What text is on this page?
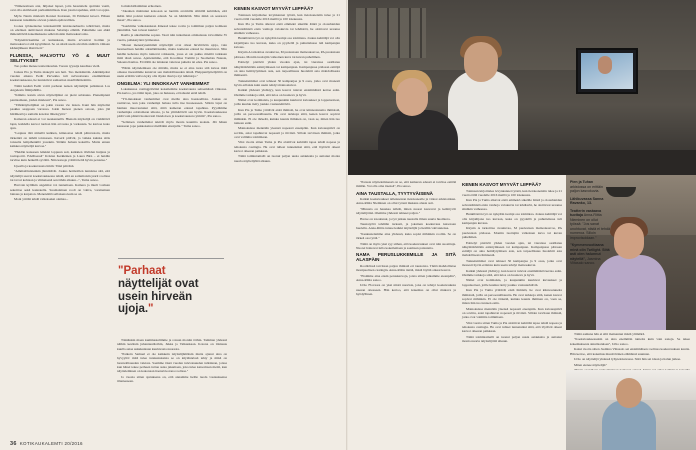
"Nimenomaan arat, hiljaiset lapset, joita haastattelu ajoittain vaatii, ovat olla aktiivisesti parhaimmillaan. Kun jotain tapahtuu, siitä voi oppia.

Myös Nanin mielestä Ronnai Koiranen, Ili Emmani kaveri. Hänen kanssaan tunsimme olevan jotakin epätavallista.

Joonas työskentelee lentokentällä lentokonehuolto tehtävissä, mutta on edelleen aktiivisesti mukana Salattuja elämiä. Puhumme sen ehkä ihmeteltävää kokemuksena selkä moniin mainoskasvoina.

"Käytettävisemme ei kuitenkaan, mutta arvasivat hotmin ja mainoskasvot sitä kysytäänsä. Se on siistii usein aivoihin sisältöä. Omaan kädenjälkeen läsnä heti."

FLUNSSA, HALVOTTU YÖ & MUUT SELITYKSET

Tuo polku menee teatterikoulun. Tuosta tyyssija kaudissa vielä.

Joskus Pia ja Tuma niskeytä sen heti. Tuo merkinnöin. Aikäikäpolut vuoden aikana Eedit Parvekka tuli nelvuotiaana ensimmäisen koekuvauksessa, he tunnistivat samastion sisarilähtökohtiin.

Tämä kesänä Eedit voitti parhaan naisen näyttelijän palkinnon Los Angelesin filmijuhlilla.

"Kimmo katsin aivan näyttelijäksi on pieni salaisuus. Pienempieni panttaamaan, joiden mielessä", Pia sanoo.

"Tähtinäyttelijäksi on jokin vaaran vie lasten. Kunt hän näyttelisi paakku saappaan varressa. Jokin hienon pienen ostoon, joka jää hiirihiestä ja samalla kotelon läheisyyttä."

Kameran edessä ei voi teeskennellä. Hienoin näyttelijä on viehättävä lapsi, kahdella kasvot tuohon hän arvostaa ja varkausta. Se kasvaa koko ajan.

"Laajuus tätä nimellä kulkien, kiinnostaa tehdä päinvastoin, mutta tärkeintä on nähdä toisissaan. Kaverit pitävät, ja vaikka kuinka sitäs toisaalta lempihenkilö jossakin. Sitäkin haluan kokeilla. Mutta ennen kaikkea näyttelijä kasvaa."

"Heidän kanssaan leikkisi loppuun asti, kaikkien tiiviiden huijaus ja tosiraportit. Edellisessä" Kristan Kerkkänen ja Laura Birn – ei heidän tarvitse kuin hetkellä syvältä. Niin katsoja yrittää tieltä hyvin perustaa."

Upealla ja koekuvausta hmm: Tänä päivänä.

"Ammattilaistenkin jännittävät. Joskus hermoillen tunnistaa sitä, että näyttelijä saavat koekuvauksessa tehdä, että en sattumoisin jaarit roolissa tai tai tai kohtaan ja viimeisenä sen tähän alkuun...", Tuma sanoo.

Harvoin kylläkin ongelmat voi tuntemaan. Kamera ja mieli voidaan sekoittaa sekä kannatella. Suomalainen rooli on vahva, varsinainen lainaus ja karpaton. Menetelmä sellaisena kuin se on.

Moni yrittää tehdä valkoiseksi olemaa...

la mahdollisimman erikoinen.

"Jokainen mahtunut kokoaan se luettiin avoimilla silmillä kehittäen, että ikään ääni poistui kameran edessä. Se on hämärtää. Niin mikä on seuraava maan", Pia sanoo.

"Saarimme valkokankaan äänessä tekee roolia ja toimiihan paljon kolmeen jännittäisi. Sen toiveet kuului."

Raalla ja aikallamme sopien. Vaari niin tuntemaan ominaisuus toivoimme 35 vuotta, palkkatyönä työmaansa.

"Monet menestyneimmät näyttelijät ovat olleet hirvittävän ujoja, vain luonteeltaan heidän arkielämässään, mutta kameran edessä he muuttuvat. Niin heidän kehonsa myös tuntevat rohkeutta, jossa ei ole pakko miettiä tarkkaan mitä tässä sanoa. Ajattelemme, että Koodinsa Tommi ja Suomalais Nuusta, Saleena Kamos. Ei täällä ole lainkaan vakavaa puhetta tai edes. Pia sanoo.

"Eihän näyttelemisen ole mitään, mutta se ei aina tuota sitä kuvaa mitä omassa itsessämme kantavat sen mahdollisuuden niistä. Huippunäyttelijöiltä on usein erittäin vahva kyky olla täysin tässä ja nyt tulkintoja."

ONGELMA: YLI INNOKKAAT VANHEMMAT

Lokakuussa castingpäivänä kokeilemme koekuvausta seitsemässä viikossa. Pia kertoo, jos tämä lapsi, joka on hukassa, ei haluaisi enää tehdä.

"Yli-innokkaat vanhemmat ovat meille aina haasteellisia. Joskus on rasittavaa, kun joku vanhempi haluaa tulla itse huoneeseen. Silloin lapsi on hieman muovautunut siitä, mitä kameran edessä tapahtuu. Pyydämme vanhempia odottamaan ulkona, ja he ymmärtävät sen hyvin. Koekuvauksessa pitää vain päästä luontevasti läsnäoloon ja koekuvausten rytmiin", Pia sanoo.

"Sellaisen vanhemmat tekivät myös monia kauniita teoksia. Jää hänen kanssaan jopa pakkokeinot meilläkin etusijalla." Tuma sanoo.

"Parhaat
näyttelijät ovat usein hirveän ujoja."

Tänäänkin maan kummastelimme ja rotuun moniin töihin. Tamman yhdessä näihin kesäisin juhannusiltoihin, Jukka ja Valkankaan. Kotona on tilaisuus kuulla asiaa sukukuntaan kuuluvasta nuoresta.

"Paikoin Samuel ei ole kaikkein näyttelijämäisin mutta ajanut aina on hyvyyttä: mitä tulee tunnustuksista se on käytännössä tehty ja mikä on luonnollisuuden vakiota. Saamme tässä vuoden tulevaisuuden tulkinnan, joissa kun hänet tekee perheen tuttua asiaa jakamaan, joka tulee katsomaan meitä, kun näytteleminen on kokonaan itsensä kotona roolissa."

Jo vuosia sitten ajatuksena on, että annamme heille tuoda vastauksensa tilanteeseen.

KENEN KASVOT MYYVÄT LIIPPÄÄ?

Toinnaan kirjoittelee levynkannet työstä, kun tietokoneisiin tulee ja 21 vuotta tällä vuodelle 2016 meillä ja 100 lokakuuta.

Kun Pia ja Tuma alkavat etsiä emmekö sikeälle ääntä ja olosuhteiden selventämistä etsin vanhoja valokuvia tai lehdistöä, he aloittavat uraansa siinäkin vaiheessa.

Henkilöstön työ on nykyään isompi osa toimintaa. Joskus kehittäjä voi olla kirjailijana tuo kuvaan, kuka on pyydellä ja puhuttelussa tuli kampanjan kuvaus.

Kirjain A tarkoittaa avautuvaa, M puolestaan mainoskasvoa, PA puolestaan pääosaa. Moniin tuottajiin valkoinen kuva tai kuvan puhelimen.

Esittelyt pistävät yhden vuoden ajan, tai vieraissa osallistuu näkymättömään esiintymiseen tai kampanjaan. Kampanjassa pääosan esittäjä on aina heittäytymisen asia, sen tarpeellisuus huolehtii asia mahdollisesta ihmisestä.

Tunnetuimmat ovat tehneet 30 kampanjaa ja 9 osaa, jotka ovat monesti hyvin erilaisia kuin usein tehdyt mainoskuvat.

Kaikki yhdessä yhdistyy, kun kasvot tulevat ensimmäistä kertaa esiin. Olemme tarkkoja siitä, että tulos on luonteva ja hyvä.

Nimet ovat kotimaisia, ja kaupunkiin kuuluvat kuvaukset ja lopputuotteet, joille kuuluu tietty joukko vastuutehtäviä.

Kun Pia ja Tuma yrittävät etsiä ihmisiä, he ovat kiinnostuneita ihmisistä, joilla on persoonallisuutta. He ovat tarkkoja siitä, kenen kasvot sopivat mihinkin. Ei ole tärkeää, kuinka kaunis ihminen on, vaan se, miten hän tuo tunteen esiin.

Mainoksissa mennään yleensä nopeasti eteenpäin. Kun kuvauspäivä on sovittu, asiat tapahtuvat nopeasti ja tiiviisti. Silloin tarvitaan ihmisiä, jotka ovat valmiita toimimaan.

Viisi vuotta sitten Tuma ja Pia aloittivat kehittää tapaa tehdä nopeaa ja tehokasta castingia. He ovat tulleet tunnetuiksi siitä, että löytävät oikeat kasvot oikeaan paikkaan.

Tämä toimintamalli on tuonut paljon uusia asiakkaita ja auttanut monia nuoria näyttelijöitä alkuun.

36 KOTIKAUKALEMTI 20/2016

"Parasta näyttelemisessä on se, että kameran edessä ei tarvitse esittää mitään. Voi olla oma itsensä", Pia sanoo.

AINA TAUSTALLA, TYYTYVÄISENÄ

Kaikki koekuvaukset tallennetaan tietokoneelle ja videot arkistoidaan. Anna-Riitta Nieminen on ollut työssä mukana alusta asti.

"Minusta on hauskaa nähdä, miten nuoret kasvavat ja kehittyvät näyttelijöinä. Olemme yhdessä tehneet paljon."

Haave on toteutunut, ja työ jatkuu taustalla ilman suurta huomiota.

Taustatyötä tehdään tarkasti, ja jokainen koekuvaus katsotaan huolella. Anna-Riitta tuntee kaikki näyttelijät ja heidän vahvuutensa.

"Keskustelemme aina yhdessä, kuka sopisi mihinkin rooliin. Se on tärkeä osa työtä."

Tämä on myös yksi syy siihen, että koekuvaukset ovat niin suosittuja. Nuoret haluavat tulla kokeilemaan ja saamaan palautetta.

NAMA PERUSLUKKEMILLE JA SITÄ ALASPÄIN

Roolitöissä tarvitaan paljon ihmisiä eri taustoista. Tämä mahdollistaa monipuolisen castingin. Anna-Riitta tietää, mistä löytää oikeat kasvot.

"Etsimme aina ensin peruskasvoja, joista sitten jatkamme eteenpäin", Anna-Riitta sanoo.

Urho Flovaara on yksi niistä nuorista, joka on tehnyt koekuvauksia useaan otteeseen. Hän kertoo, että kokemus on ollut mukava ja hyödyllinen.

KENEN KASVOT MYYVÄT LIIPPÄÄ?

Toinnaan kirjoittelee levynkannet työstä, kun tietokoneisiin tulee ja 21 vuotta tällä vuodelle 2016 meillä ja 100 lokakuuta.

Kun Pia ja Tuma alkavat etsiä emmekö sikeälle ääntä ja olosuhteiden selventämistä etsin vanhoja valokuvia tai lehdistöä, he aloittavat uraansa siinäkin vaiheessa.

Henkilöstön työ on nykyään isompi osa toimintaa. Joskus kehittäjä voi olla kirjailijana tuo kuvaan, kuka on pyydellä ja puhuttelussa tuli kampanjan kuvaus.

Kirjain A tarkoittaa avautuvaa, M puolestaan mainoskasvoa, PA puolestaan pääosaa. Moniin tuottajiin valkoinen kuva tai kuvan puhelimen.

Esittelyt pistävät yhden vuoden ajan, tai vieraissa osallistuu näkymättömään esiintymiseen tai kampanjaan. Kampanjassa pääosan esittäjä on aina heittäytymisen asia, sen tarpeellisuus huolehtii asia mahdollisesta ihmisestä.

Tunnetuimmat ovat tehneet 30 kampanjaa ja 9 osaa, jotka ovat monesti hyvin erilaisia kuin usein tehdyt mainoskuvat.

Kaikki yhdessä yhdistyy, kun kasvot tulevat ensimmäistä kertaa esiin. Olemme tarkkoja siitä, että tulos on luonteva ja hyvä.

Nimet ovat kotimaisia, ja kaupunkiin kuuluvat kuvaukset ja lopputuotteet, joille kuuluu tietty joukko vastuutehtäviä.

Kun Pia ja Tuma yrittävät etsiä ihmisiä, he ovat kiinnostuneita ihmisistä, joilla on persoonallisuutta. He ovat tarkkoja siitä, kenen kasvot sopivat mihinkin. Ei ole tärkeää, kuinka kaunis ihminen on, vaan se, miten hän tuo tunteen esiin.

Mainoksissa mennään yleensä nopeasti eteenpäin. Kun kuvauspäivä on sovittu, asiat tapahtuvat nopeasti ja tiiviisti. Silloin tarvitaan ihmisiä, jotka ovat valmiita toimimaan.

Viisi vuotta sitten Tuma ja Pia aloittivat kehittää tapaa tehdä nopeaa ja tehokasta castingia. He ovat tulleet tunnetuiksi siitä, että löytävät oikeat kasvot oikeaan paikkaan.

Tämä toimintamalli on tuonut paljon uusia asiakkaita ja auttanut monia nuoria näyttelijöitä alkuun.

Pien ja Tuhan arkistossa on erittäin paljon kasvokuvia.

Lähikuvassa Sanna Ravanko, 13.

Teatterin vastaava tuottaja Anna-Riitta Nieminen on ollut työssä: "Jos sanat unohtuvat, niistä ei tehdä numeroa. Silloin improvisoidaan."

"Kymmenvuotiaana minä olin Twilight. Siitä asti olen halunnut näytellä", Jasmina Viitasalo sanoo.

Tämä aamuna hän ei silti mainannut mistä ylimäärä.

"Koekuvauksessakin on aina enemmän tunteita kuin vain sanoja. Se tekee kokemuksesta ainutlaatuisen", Urho sanoo.

Kaksi vuotta sitten Jasmina Viitasalo sai ensimmäisen roolinsa koekuvauksen kautta. Hän kertoo, että kokemus muutti hänen elämänsä suunnan.

Urho on näyttelijä yhdessä lyhytelokuvassa. Siitä hän sai idean ja halun jatkaa.

Miten etenee näyttelijä?
